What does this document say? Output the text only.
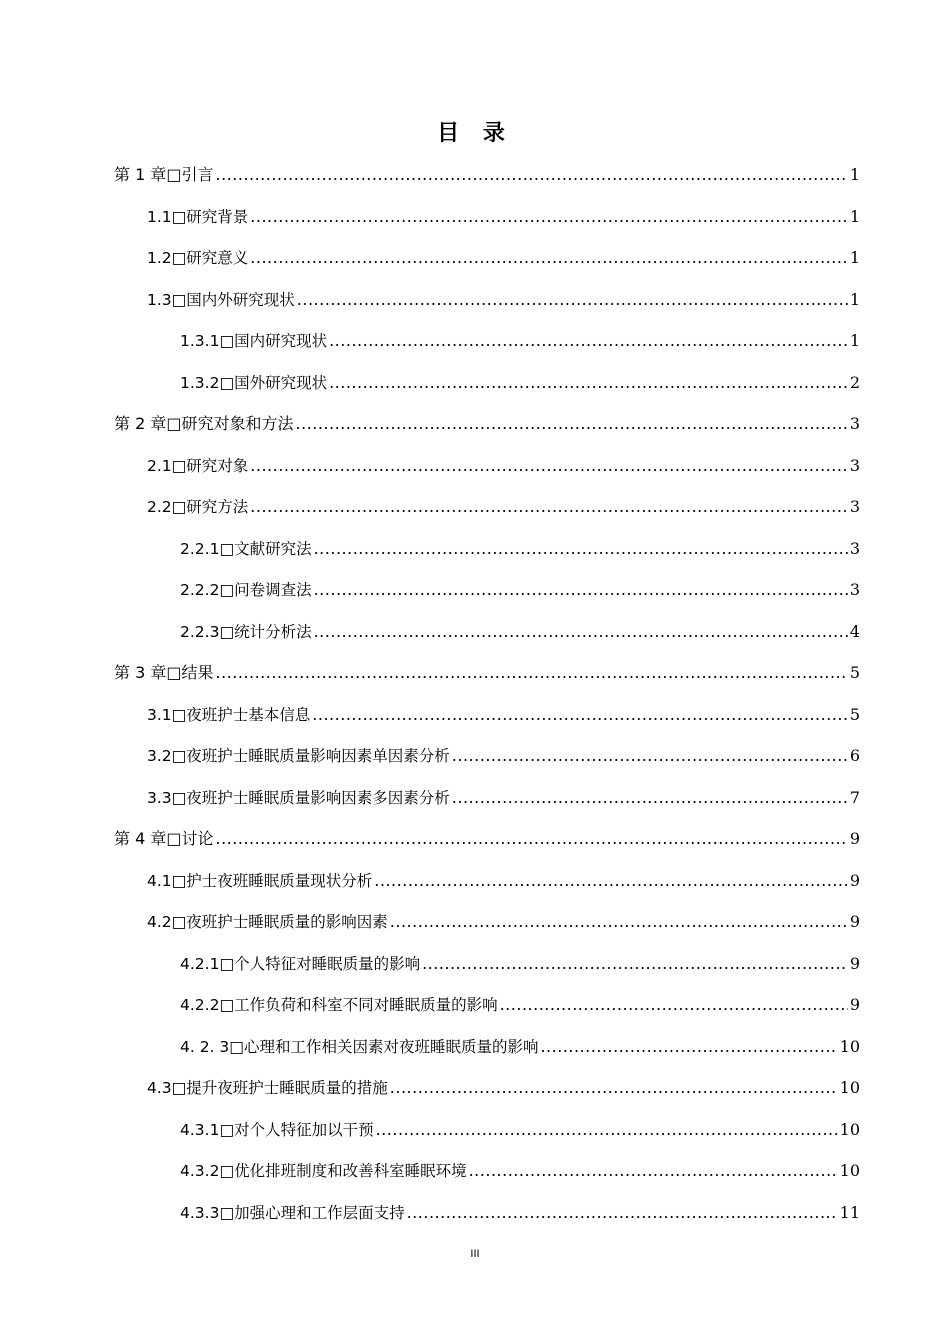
目 录
第 1 章□引言 .....	1
1.1□研究背景 .....	1
1.2□研究意义 .....	1
1.3□国内外研究现状 .....	1
1.3.1□国内研究现状 .....	1
1.3.2□国外研究现状 .....	2
第 2 章□研究对象和方法 .....	3
2.1□研究对象 .....	3
2.2□研究方法 .....	3
2.2.1□文献研究法 .....	3
2.2.2□问卷调查法 .....	3
2.2.3□统计分析法 .....	4
第 3 章□结果 .....	5
3.1□夜班护士基本信息 .....	5
3.2□夜班护士睡眠质量影响因素单因素分析 .....	6
3.3□夜班护士睡眠质量影响因素多因素分析 .....	7
第 4 章□讨论 .....	9
4.1□护士夜班睡眠质量现状分析 .....	9
4.2□夜班护士睡眠质量的影响因素 .....	9
4.2.1□个人特征对睡眠质量的影响 .....	9
4.2.2□工作负荷和科室不同对睡眠质量的影响 .....	9
4. 2. 3□心理和工作相关因素对夜班睡眠质量的影响 .....	10
4.3□提升夜班护士睡眠质量的措施 .....	10
4.3.1□对个人特征加以干预 .....	10
4.3.2□优化排班制度和改善科室睡眠环境 .....	10
4.3.3□加强心理和工作层面支持 .....	11
III
